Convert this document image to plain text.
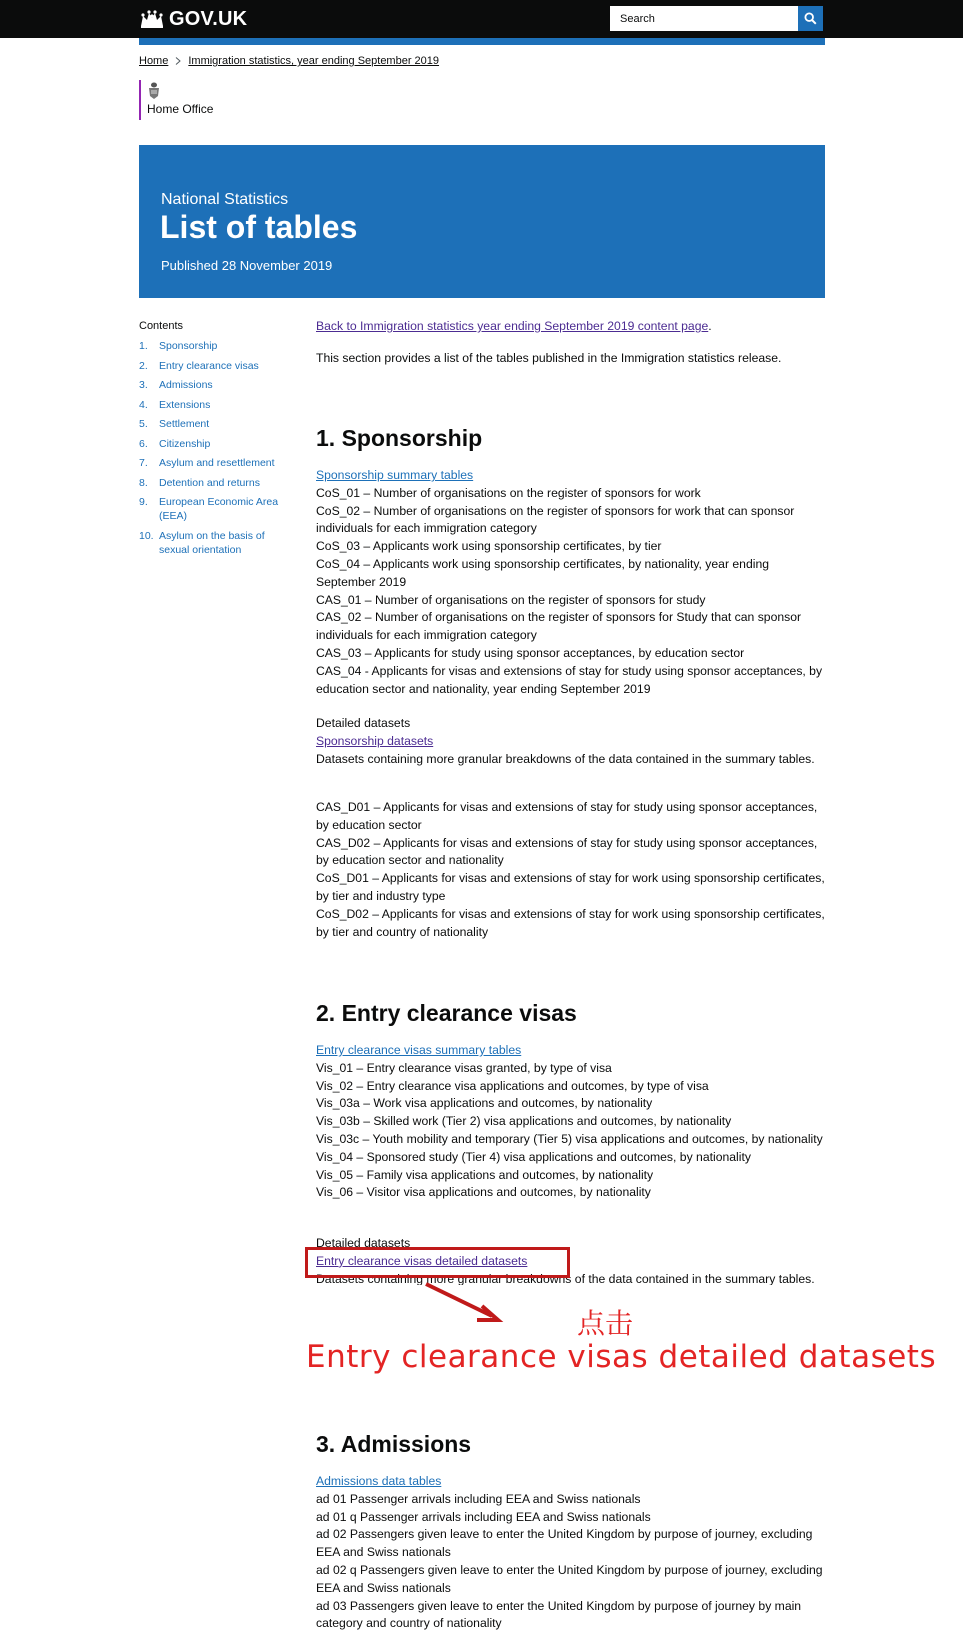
GOV.UK
Search
Home Immigration statistics, year ending September 2019
Home Office
National Statistics
List of tables
Published 28 November 2019
Contents
1.	Sponsorship
2.	Entry clearance visas
3.	Admissions
4.	Extensions
5.	Settlement
6.	Citizenship
7.	Asylum and resettlement
8.	Detention and returns
9.	European Economic Area (EEA)
10. Asylum on the basis of sexual orientation

Back to Immigration statistics year ending September 2019 content page.

This section provides a list of the tables published in the Immigration statistics release.

1. Sponsorship
Sponsorship summary tables
CoS_01 – Number of organisations on the register of sponsors for work
CoS_02 – Number of organisations on the register of sponsors for work that can sponsor individuals for each immigration category
CoS_03 – Applicants work using sponsorship certificates, by tier
CoS_04 – Applicants work using sponsorship certificates, by nationality, year ending September 2019
CAS_01 – Number of organisations on the register of sponsors for study
CAS_02 – Number of organisations on the register of sponsors for Study that can sponsor individuals for each immigration category
CAS_03 – Applicants for study using sponsor acceptances, by education sector
CAS_04 - Applicants for visas and extensions of stay for study using sponsor acceptances, by education sector and nationality, year ending September 2019
Detailed datasets
Sponsorship datasets

Datasets containing more granular breakdowns of the data contained in the summary tables.

CAS_D01 – Applicants for visas and extensions of stay for study using sponsor acceptances, by education sector
CAS_D02 – Applicants for visas and extensions of stay for study using sponsor acceptances, by education sector and nationality
CoS_D01 – Applicants for visas and extensions of stay for work using sponsorship certificates, by tier and industry type
CoS_D02 – Applicants for visas and extensions of stay for work using sponsorship certificates, by tier and country of nationality
2. Entry clearance visas
Entry clearance visas summary tables
Vis_01 – Entry clearance visas granted, by type of visa
Vis_02 – Entry clearance visa applications and outcomes, by type of visa
Vis_03a – Work visa applications and outcomes, by nationality
Vis_03b – Skilled work (Tier 2) visa applications and outcomes, by nationality
Vis_03c – Youth mobility and temporary (Tier 5) visa applications and outcomes, by nationality
Vis_04 – Sponsored study (Tier 4) visa applications and outcomes, by nationality
Vis_05 – Family visa applications and outcomes, by nationality
Vis_06 – Visitor visa applications and outcomes, by nationality
Detailed datasets
Entry clearance visas detailed datasets

Datasets containing more granular breakdowns of the data contained in the summary tables.

3. Admissions
Admissions data tables
ad 01 Passenger arrivals including EEA and Swiss nationals
ad 01 q Passenger arrivals including EEA and Swiss nationals
ad 02 Passengers given leave to enter the United Kingdom by purpose of journey, excluding EEA and Swiss nationals
ad 02 q Passengers given leave to enter the United Kingdom by purpose of journey, excluding EEA and Swiss nationals
ad 03 Passengers given leave to enter the United Kingdom by purpose of journey by main category and country of nationality
点击
Entry clearance visas detailed datasets
